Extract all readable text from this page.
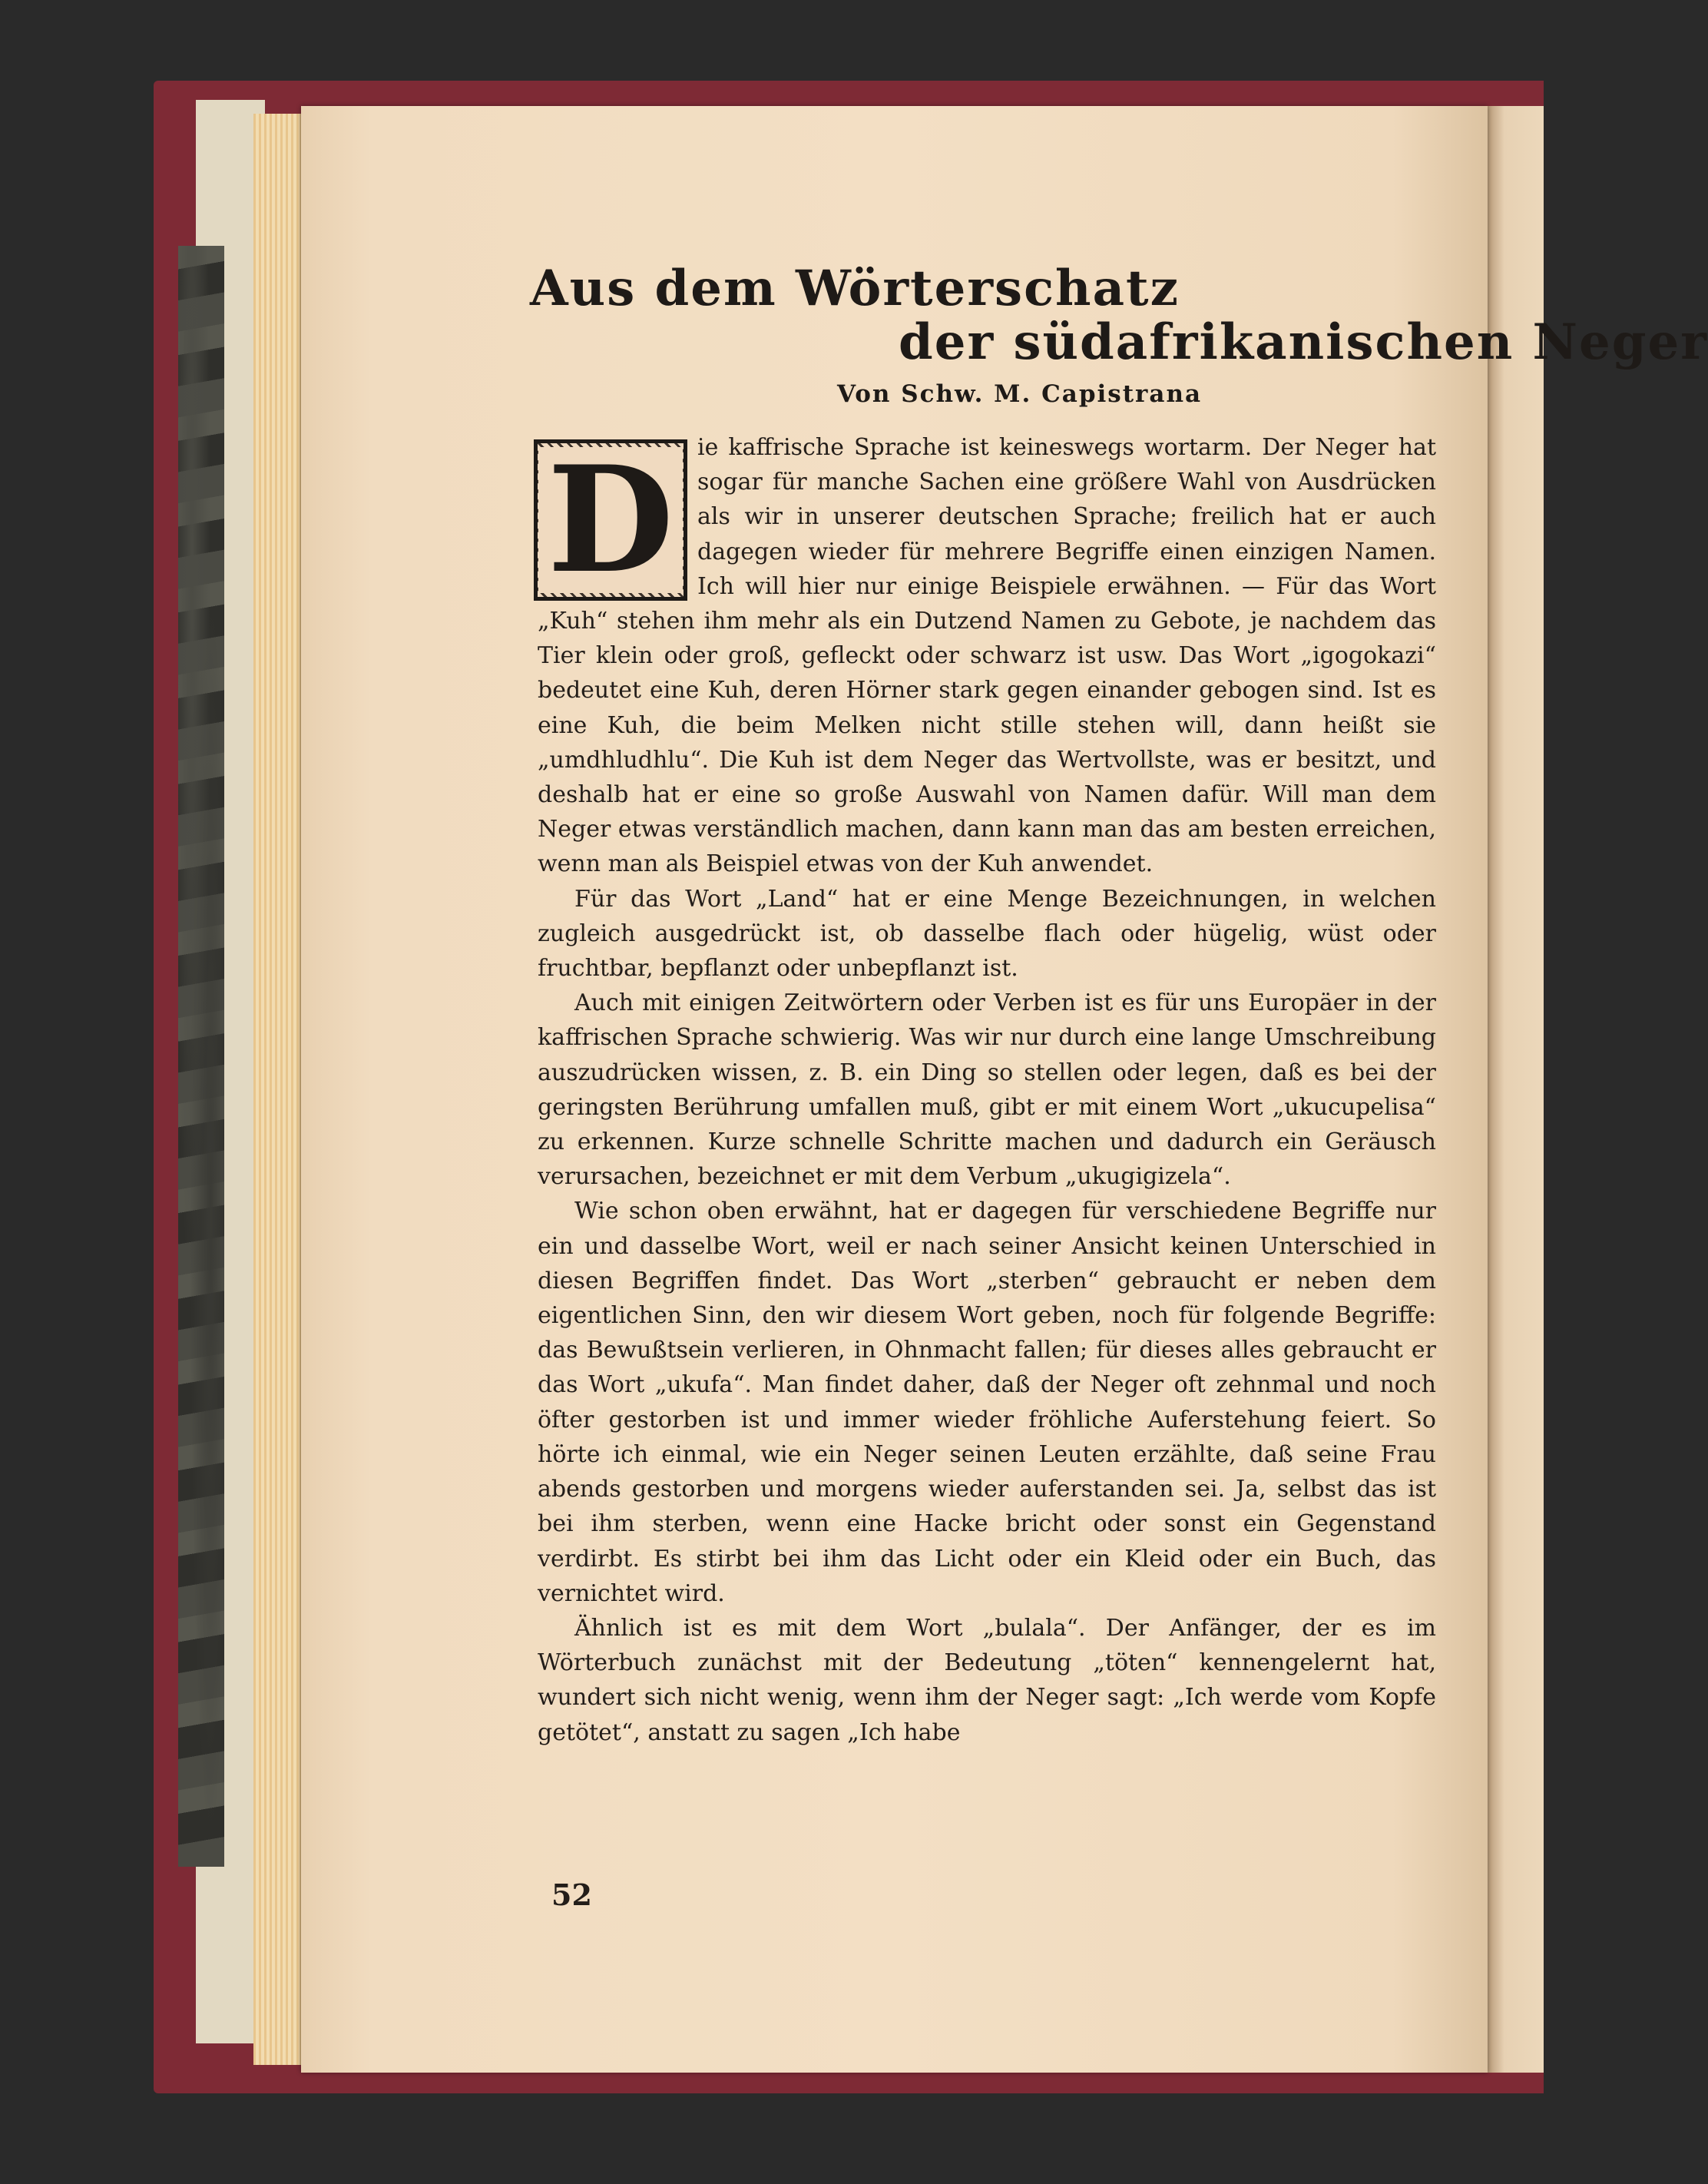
Aus dem Wörterschatz
der südafrikanischen Neger

Von Schw. M. Capistrana

D	ie kaffrische Sprache ist keineswegs wortarm. Der Neger hat sogar für manche Sachen eine größere Wahl von Ausdrücken als wir in unserer deutschen Sprache; freilich hat er auch dagegen wieder für mehrere Begriffe einen einzigen Namen. Ich will hier nur einige Beispiele erwähnen. — Für das Wort „Kuh“ stehen ihm mehr als ein Dutzend Namen zu Gebote, je nachdem das Tier klein oder groß, gefleckt oder schwarz ist usw. Das Wort „igogokazi“ bedeutet eine Kuh, deren Hörner stark gegen einander gebogen sind. Ist es eine Kuh, die beim Melken nicht stille stehen will, dann heißt sie „umdhludhlu“. Die Kuh ist dem Neger das Wertvollste, was er besitzt, und deshalb hat er eine so große Auswahl von Namen dafür. Will man dem Neger etwas verständlich machen, dann kann man das am besten erreichen, wenn man als Beispiel etwas von der Kuh anwendet.

Für das Wort „Land“ hat er eine Menge Bezeichnungen, in welchen zugleich ausgedrückt ist, ob dasselbe flach oder hügelig, wüst oder fruchtbar, bepflanzt oder unbepflanzt ist.

Auch mit einigen Zeitwörtern oder Verben ist es für uns Europäer in der kaffrischen Sprache schwierig. Was wir nur durch eine lange Umschreibung auszudrücken wissen, z. B. ein Ding so stellen oder legen, daß es bei der geringsten Berührung umfallen muß, gibt er mit einem Wort „ukucupelisa“ zu erkennen. Kurze schnelle Schritte machen und dadurch ein Geräusch verursachen, bezeichnet er mit dem Verbum „ukugigizela“.

Wie schon oben erwähnt, hat er dagegen für verschiedene Begriffe nur ein und dasselbe Wort, weil er nach seiner Ansicht keinen Unterschied in diesen Begriffen findet. Das Wort „sterben“ gebraucht er neben dem eigentlichen Sinn, den wir diesem Wort geben, noch für folgende Begriffe: das Bewußtsein verlieren, in Ohnmacht fallen; für dieses alles gebraucht er das Wort „ukufa“. Man findet daher, daß der Neger oft zehnmal und noch öfter gestorben ist und immer wieder fröhliche Auferstehung feiert. So hörte ich einmal, wie ein Neger seinen Leuten erzählte, daß seine Frau abends gestorben und morgens wieder auferstanden sei. Ja, selbst das ist bei ihm sterben, wenn eine Hacke bricht oder sonst ein Gegenstand verdirbt. Es stirbt bei ihm das Licht oder ein Kleid oder ein Buch, das vernichtet wird.

Ähnlich ist es mit dem Wort „bulala“. Der Anfänger, der es im Wörterbuch zunächst mit der Bedeutung „töten“ kennengelernt hat, wundert sich nicht wenig, wenn ihm der Neger sagt: „Ich werde vom Kopfe getötet“, anstatt zu sagen „Ich habe

52
